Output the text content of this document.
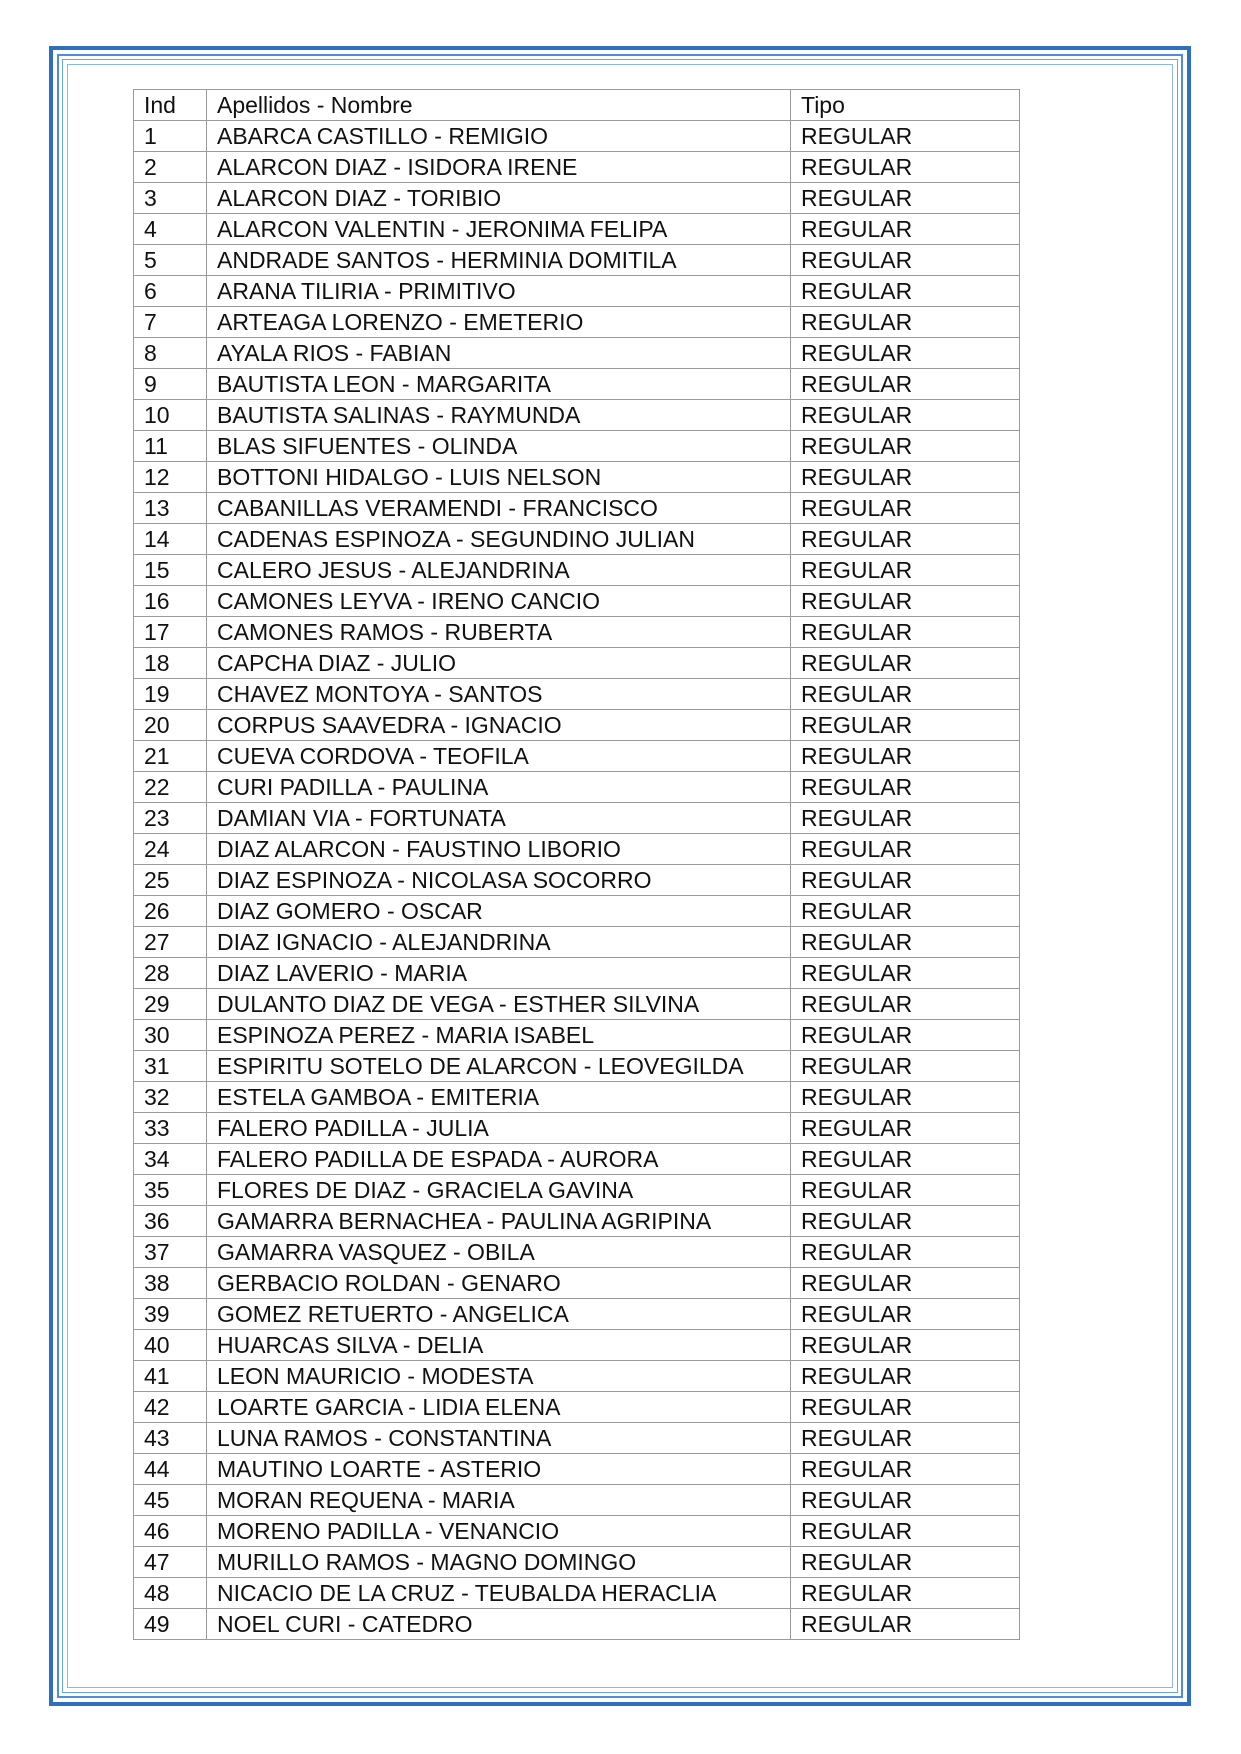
Ind	Apellidos - Nombre	Tipo
1	ABARCA CASTILLO - REMIGIO	REGULAR
2	ALARCON DIAZ - ISIDORA IRENE	REGULAR
3	ALARCON DIAZ - TORIBIO	REGULAR
4	ALARCON VALENTIN - JERONIMA FELIPA	REGULAR
5	ANDRADE SANTOS - HERMINIA DOMITILA	REGULAR
6	ARANA TILIRIA - PRIMITIVO	REGULAR
7	ARTEAGA LORENZO - EMETERIO	REGULAR
8	AYALA RIOS - FABIAN	REGULAR
9	BAUTISTA LEON - MARGARITA	REGULAR
10	BAUTISTA SALINAS - RAYMUNDA	REGULAR
11	BLAS SIFUENTES - OLINDA	REGULAR
12	BOTTONI HIDALGO - LUIS NELSON	REGULAR
13	CABANILLAS VERAMENDI - FRANCISCO	REGULAR
14	CADENAS ESPINOZA - SEGUNDINO JULIAN	REGULAR
15	CALERO JESUS - ALEJANDRINA	REGULAR
16	CAMONES LEYVA - IRENO CANCIO	REGULAR
17	CAMONES RAMOS - RUBERTA	REGULAR
18	CAPCHA DIAZ - JULIO	REGULAR
19	CHAVEZ MONTOYA - SANTOS	REGULAR
20	CORPUS SAAVEDRA - IGNACIO	REGULAR
21	CUEVA CORDOVA - TEOFILA	REGULAR
22	CURI PADILLA - PAULINA	REGULAR
23	DAMIAN VIA - FORTUNATA	REGULAR
24	DIAZ ALARCON - FAUSTINO LIBORIO	REGULAR
25	DIAZ ESPINOZA - NICOLASA SOCORRO	REGULAR
26	DIAZ GOMERO - OSCAR	REGULAR
27	DIAZ IGNACIO - ALEJANDRINA	REGULAR
28	DIAZ LAVERIO - MARIA	REGULAR
29	DULANTO DIAZ DE VEGA - ESTHER SILVINA	REGULAR
30	ESPINOZA PEREZ - MARIA ISABEL	REGULAR
31	ESPIRITU SOTELO DE ALARCON - LEOVEGILDA	REGULAR
32	ESTELA GAMBOA - EMITERIA	REGULAR
33	FALERO PADILLA - JULIA	REGULAR
34	FALERO PADILLA DE ESPADA - AURORA	REGULAR
35	FLORES DE DIAZ - GRACIELA GAVINA	REGULAR
36	GAMARRA BERNACHEA - PAULINA AGRIPINA	REGULAR
37	GAMARRA VASQUEZ - OBILA	REGULAR
38	GERBACIO ROLDAN - GENARO	REGULAR
39	GOMEZ RETUERTO - ANGELICA	REGULAR
40	HUARCAS SILVA - DELIA	REGULAR
41	LEON MAURICIO - MODESTA	REGULAR
42	LOARTE GARCIA - LIDIA ELENA	REGULAR
43	LUNA RAMOS - CONSTANTINA	REGULAR
44	MAUTINO LOARTE - ASTERIO	REGULAR
45	MORAN REQUENA - MARIA	REGULAR
46	MORENO PADILLA - VENANCIO	REGULAR
47	MURILLO RAMOS - MAGNO DOMINGO	REGULAR
48	NICACIO DE LA CRUZ - TEUBALDA HERACLIA	REGULAR
49	NOEL CURI - CATEDRO	REGULAR
